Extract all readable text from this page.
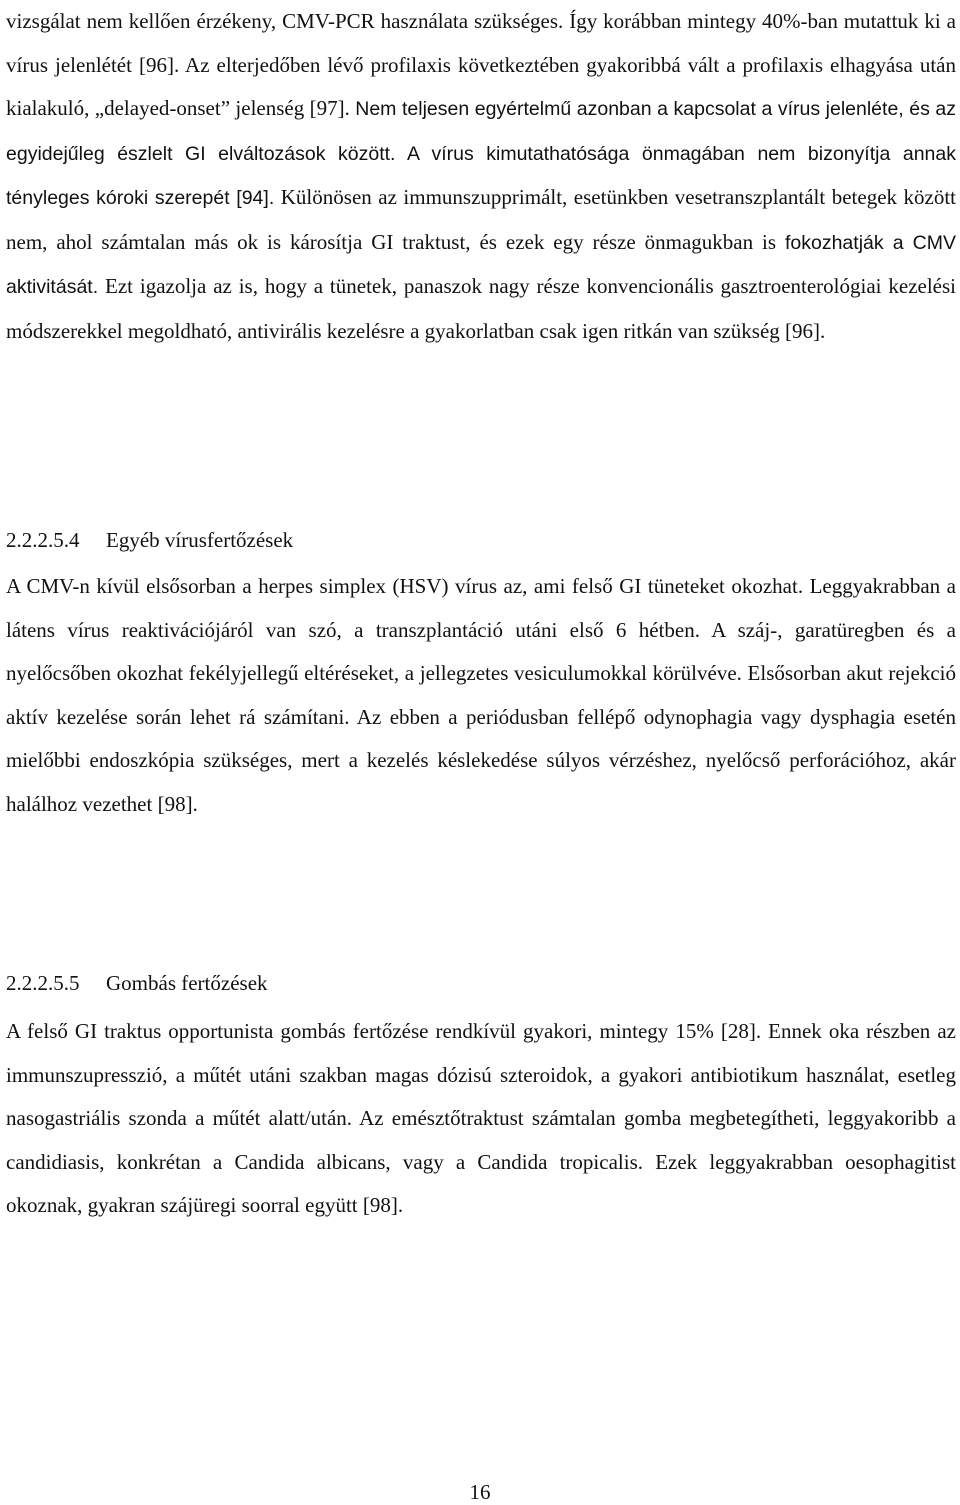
vizsgálat nem kellően érzékeny, CMV-PCR használata szükséges. Így korábban mintegy 40%-ban mutattuk ki a vírus jelenlétét [96]. Az elterjedőben lévő profilaxis következtében gyakoribbá vált a profilaxis elhagyása után kialakuló, „delayed-onset” jelenség [97]. Nem teljesen egyértelmű azonban a kapcsolat a vírus jelenléte, és az egyidejűleg észlelt GI elváltozások között. A vírus kimutathatósága önmagában nem bizonyítja annak tényleges kóroki szerepét [94]. Különösen az immunszupprimált, esetünkben vesetranszplantált betegek között nem, ahol számtalan más ok is károsítja GI traktust, és ezek egy része önmagukban is fokozhatják a CMV aktivitását. Ezt igazolja az is, hogy a tünetek, panaszok nagy része konvencionális gasztroenterológiai kezelési módszerekkel megoldható, antivirális kezelésre a gyakorlatban csak igen ritkán van szükség [96].

2.2.2.5.4 Egyéb vírusfertőzések

A CMV-n kívül elsősorban a herpes simplex (HSV) vírus az, ami felső GI tüneteket okozhat. Leggyakrabban a látens vírus reaktivációjáról van szó, a transzplantáció utáni első 6 hétben. A száj-, garatüregben és a nyelőcsőben okozhat fekélyjellegű eltéréseket, a jellegzetes vesiculumokkal körülvéve. Elsősorban akut rejekció aktív kezelése során lehet rá számítani. Az ebben a periódusban fellépő odynophagia vagy dysphagia esetén mielőbbi endoszkópia szükséges, mert a kezelés késlekedése súlyos vérzéshez, nyelőcső perforációhoz, akár halálhoz vezethet [98].

2.2.2.5.5 Gombás fertőzések

A felső GI traktus opportunista gombás fertőzése rendkívül gyakori, mintegy 15% [28]. Ennek oka részben az immunszupresszió, a műtét utáni szakban magas dózisú szteroidok, a gyakori antibiotikum használat, esetleg nasogastriális szonda a műtét alatt/után. Az emésztőtraktust számtalan gomba megbetegítheti, leggyakoribb a candidiasis, konkrétan a Candida albicans, vagy a Candida tropicalis. Ezek leggyakrabban oesophagitist okoznak, gyakran szájüregi soorral együtt [98].

16
